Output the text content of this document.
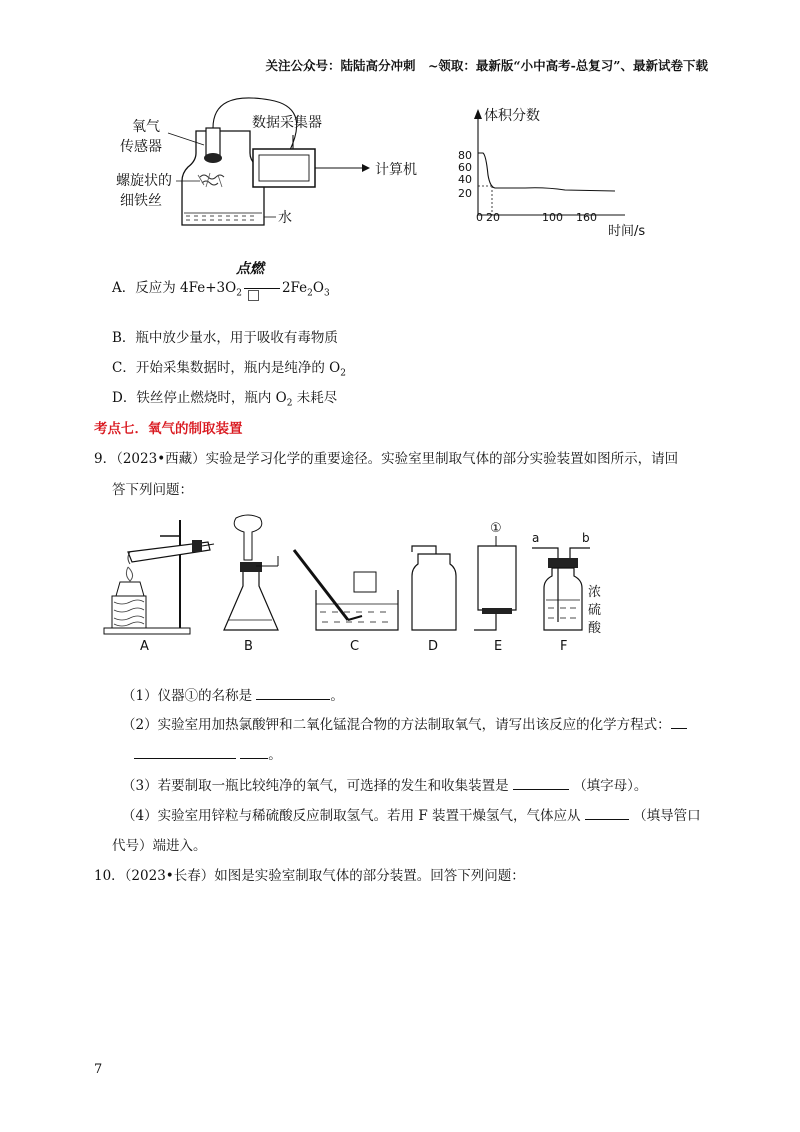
关注公众号：陆陆高分冲刺　~领取：最新版“小中高考-总复习”、最新试卷下载
氧气
传感器
螺旋状的
细铁丝
水
数据采集器
计算机
体积分数
80
60
40
20
0 20	100 160
时间/s
A．反应为 $4Fe+3O_2$	$2Fe_2O_3$
点燃
B．瓶中放少量水，用于吸收有毒物质
C．开始采集数据时，瓶内是纯净的 $O_2$
D．铁丝停止燃烧时，瓶内 $O_2$ 未耗尽
考点七．氧气的制取装置
9．（2023•西藏）实验是学习化学的重要途径。实验室里制取气体的部分实验装置如图所示，请回
答下列问题：
A	B	C	D
①
E
a	b
浓
硫
酸
F
（1）仪器①的名称是	。
（2）实验室用加热氯酸钾和二氧化锰混合物的方法制取氧气，请写出该反应的化学方程式：
。
（3）若要制取一瓶比较纯净的氧气，可选择的发生和收集装置是	（填字母）。
（4）实验室用锌粒与稀硫酸反应制取氢气。若用 F 装置干燥氢气，气体应从	（填导管口
代号）端进入。
10．（2023•长春）如图是实验室制取气体的部分装置。回答下列问题：
7
